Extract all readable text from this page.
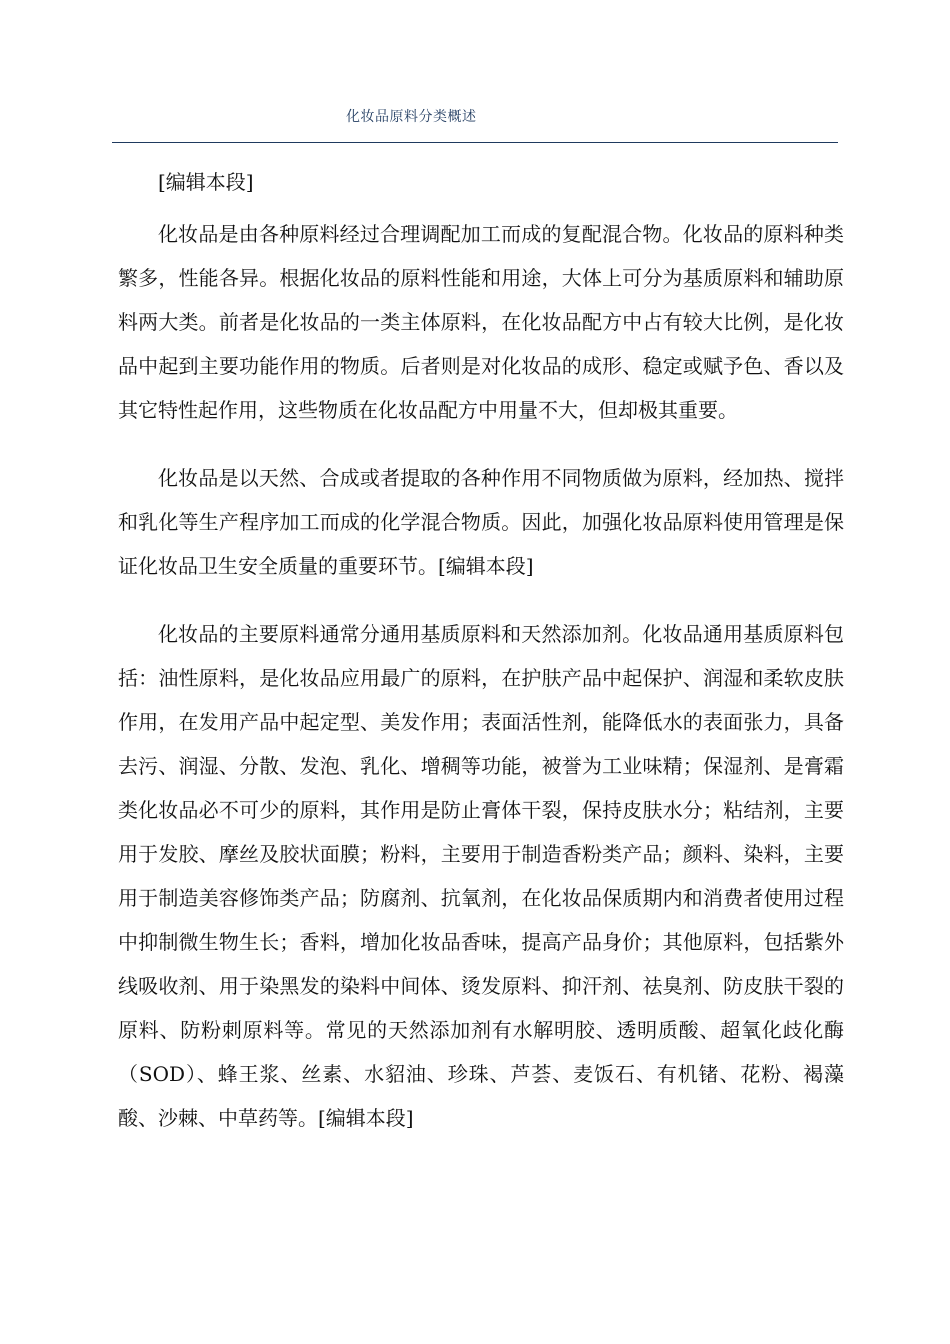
化妆品原料分类概述
[编辑本段]

化妆品是由各种原料经过合理调配加工而成的复配混合物。化妆品的原料种类繁多，性能各异。根据化妆品的原料性能和用途，大体上可分为基质原料和辅助原料两大类。前者是化妆品的一类主体原料，在化妆品配方中占有较大比例，是化妆品中起到主要功能作用的物质。后者则是对化妆品的成形、稳定或赋予色、香以及其它特性起作用，这些物质在化妆品配方中用量不大，但却极其重要。

化妆品是以天然、合成或者提取的各种作用不同物质做为原料，经加热、搅拌和乳化等生产程序加工而成的化学混合物质。因此，加强化妆品原料使用管理是保证化妆品卫生安全质量的重要环节。[编辑本段]

化妆品的主要原料通常分通用基质原料和天然添加剂。化妆品通用基质原料包括：油性原料，是化妆品应用最广的原料，在护肤产品中起保护、润湿和柔软皮肤作用，在发用产品中起定型、美发作用；表面活性剂，能降低水的表面张力，具备去污、润湿、分散、发泡、乳化、增稠等功能，被誉为工业味精；保湿剂、是膏霜类化妆品必不可少的原料，其作用是防止膏体干裂，保持皮肤水分；粘结剂，主要用于发胶、摩丝及胶状面膜；粉料，主要用于制造香粉类产品；颜料、染料，主要用于制造美容修饰类产品；防腐剂、抗氧剂，在化妆品保质期内和消费者使用过程中抑制微生物生长；香料，增加化妆品香味，提高产品身价；其他原料，包括紫外线吸收剂、用于染黑发的染料中间体、烫发原料、抑汗剂、祛臭剂、防皮肤干裂的原料、防粉刺原料等。常见的天然添加剂有水解明胶、透明质酸、超氧化歧化酶（SOD）、蜂王浆、丝素、水貂油、珍珠、芦荟、麦饭石、有机锗、花粉、褐藻酸、沙棘、中草药等。[编辑本段]
